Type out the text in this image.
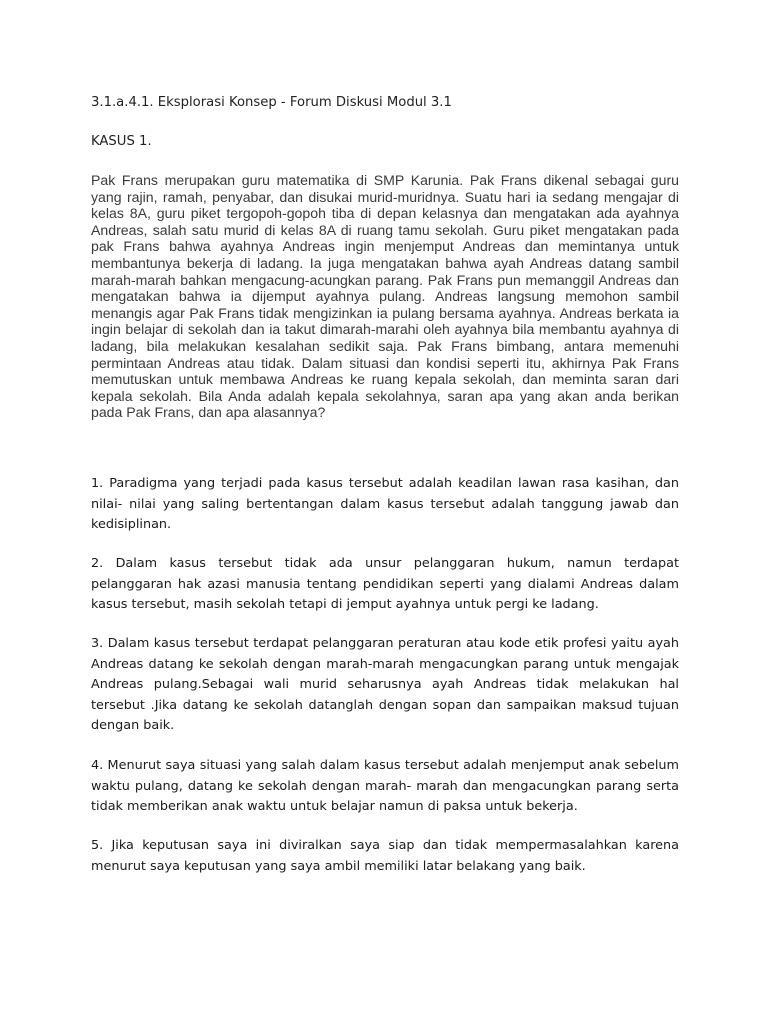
3.1.a.4.1. Eksplorasi Konsep - Forum Diskusi Modul 3.1
KASUS 1.

Pak Frans merupakan guru matematika di SMP Karunia. Pak Frans dikenal sebagai guru yang rajin, ramah, penyabar, dan disukai murid-muridnya. Suatu hari ia sedang mengajar di kelas 8A, guru piket tergopoh-gopoh tiba di depan kelasnya dan mengatakan ada ayahnya Andreas, salah satu murid di kelas 8A di ruang tamu sekolah. Guru piket mengatakan pada pak Frans bahwa ayahnya Andreas ingin menjemput Andreas dan memintanya untuk membantunya bekerja di ladang. Ia juga mengatakan bahwa ayah Andreas datang sambil marah-marah bahkan mengacung-acungkan parang. Pak Frans pun memanggil Andreas dan mengatakan bahwa ia dijemput ayahnya pulang. Andreas langsung memohon sambil menangis agar Pak Frans tidak mengizinkan ia pulang bersama ayahnya. Andreas berkata ia ingin belajar di sekolah dan ia takut dimarah-marahi oleh ayahnya bila membantu ayahnya di ladang, bila melakukan kesalahan sedikit saja. Pak Frans bimbang, antara memenuhi permintaan Andreas atau tidak. Dalam situasi dan kondisi seperti itu, akhirnya Pak Frans memutuskan untuk membawa Andreas ke ruang kepala sekolah, dan meminta saran dari kepala sekolah. Bila Anda adalah kepala sekolahnya, saran apa yang akan anda berikan pada Pak Frans, dan apa alasannya?

1. Paradigma yang terjadi pada kasus tersebut adalah keadilan lawan rasa kasihan, dan nilai- nilai yang saling bertentangan dalam kasus tersebut adalah tanggung jawab dan kedisiplinan.

2. Dalam kasus tersebut tidak ada unsur pelanggaran hukum, namun terdapat pelanggaran hak azasi manusia tentang pendidikan seperti yang dialami Andreas dalam kasus tersebut, masih sekolah tetapi di jemput ayahnya untuk pergi ke ladang.

3. Dalam kasus tersebut terdapat pelanggaran peraturan atau kode etik profesi yaitu ayah Andreas datang ke sekolah dengan marah-marah mengacungkan parang untuk mengajak Andreas pulang.Sebagai wali murid seharusnya ayah Andreas tidak melakukan hal tersebut .Jika datang ke sekolah datanglah dengan sopan dan sampaikan maksud tujuan dengan baik.

4. Menurut saya situasi yang salah dalam kasus tersebut adalah menjemput anak sebelum waktu pulang, datang ke sekolah dengan marah- marah dan mengacungkan parang serta tidak memberikan anak waktu untuk belajar namun di paksa untuk bekerja.

5. Jika keputusan saya ini diviralkan saya siap dan tidak mempermasalahkan karena menurut saya keputusan yang saya ambil memiliki latar belakang yang baik.
